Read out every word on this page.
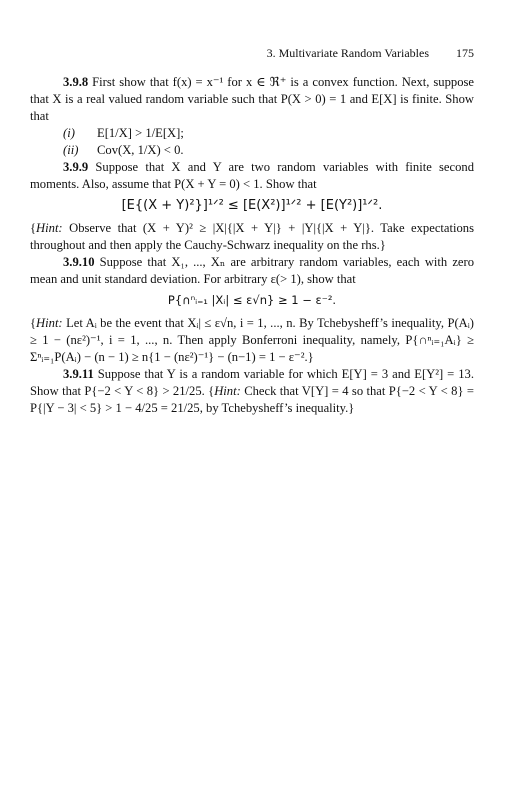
3. Multivariate Random Variables 175

3.9.8 First show that f(x) = x⁻¹ for x ∈ ℜ⁺ is a convex function. Next, suppose that X is a real valued random variable such that P(X > 0) = 1 and E[X] is finite. Show that

(i) E[1/X] > 1/E[X];

(ii) Cov(X, 1/X) < 0.

3.9.9 Suppose that X and Y are two random variables with finite second moments. Also, assume that P(X + Y = 0) < 1. Show that

[E{(X + Y)²}]¹ᐟ² ≤ [E(X²)]¹ᐟ² + [E(Y²)]¹ᐟ².

{Hint: Observe that (X + Y)² ≥ |X|{|X + Y|} + |Y|{|X + Y|}. Take expectations throughout and then apply the Cauchy-Schwarz inequality on the rhs.}

3.9.10 Suppose that X₁, ..., Xₙ are arbitrary random variables, each with zero mean and unit standard deviation. For arbitrary ε(> 1), show that

P{∩ⁿᵢ₌₁ |Xᵢ| ≤ ε√n} ≥ 1 − ε⁻².

{Hint: Let Aᵢ be the event that Xᵢ| ≤ ε√n, i = 1, ..., n. By Tchebysheff’s inequality, P(Aᵢ) ≥ 1 − (nε²)⁻¹, i = 1, ..., n. Then apply Bonferroni inequality, namely, P{∩ⁿᵢ₌₁Aᵢ} ≥ Σⁿᵢ₌₁P(Aᵢ) − (n − 1) ≥ n{1 − (nε²)⁻¹} − (n−1) = 1 − ε⁻².}

3.9.11 Suppose that Y is a random variable for which E[Y] = 3 and E[Y²] = 13. Show that P{−2 < Y < 8} > 21/25. {Hint: Check that V[Y] = 4 so that P{−2 < Y < 8} = P{|Y − 3| < 5} > 1 − 4/25 = 21/25, by Tchebysheff’s inequality.}
